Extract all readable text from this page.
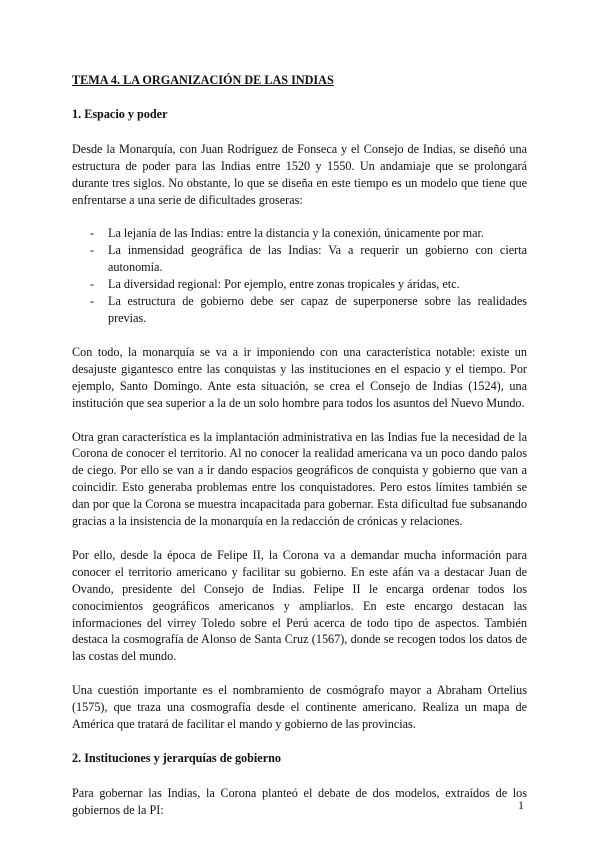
TEMA 4. LA ORGANIZACIÓN DE LAS INDIAS
1. Espacio y poder

Desde la Monarquía, con Juan Rodríguez de Fonseca y el Consejo de Indias, se diseñó una estructura de poder para las Indias entre 1520 y 1550. Un andamiaje que se prolongará durante tres siglos. No obstante, lo que se diseña en este tiempo es un modelo que tiene que enfrentarse a una serie de dificultades groseras:

- La lejanía de las Indias: entre la distancia y la conexión, únicamente por mar.
- La inmensidad geográfica de las Indias: Va a requerir un gobierno con cierta autonomía.
- La diversidad regional: Por ejemplo, entre zonas tropicales y áridas, etc.
- La estructura de gobierno debe ser capaz de superponerse sobre las realidades previas.

Con todo, la monarquía se va a ir imponiendo con una característica notable: existe un desajuste gigantesco entre las conquistas y las instituciones en el espacio y el tiempo. Por ejemplo, Santo Domingo. Ante esta situación, se crea el Consejo de Indias (1524), una institución que sea superior a la de un solo hombre para todos los asuntos del Nuevo Mundo.

Otra gran característica es la implantación administrativa en las Indias fue la necesidad de la Corona de conocer el territorio. Al no conocer la realidad americana va un poco dando palos de ciego. Por ello se van a ir dando espacios geográficos de conquista y gobierno que van a coincidir. Esto generaba problemas entre los conquistadores. Pero estos límites también se dan por que la Corona se muestra incapacitada para gobernar. Esta dificultad fue subsanando gracias a la insistencia de la monarquía en la redacción de crónicas y relaciones.

Por ello, desde la época de Felipe II, la Corona va a demandar mucha información para conocer el territorio americano y facilitar su gobierno. En este afán va a destacar Juan de Ovando, presidente del Consejo de Indias. Felipe II le encarga ordenar todos los conocimientos geográficos americanos y ampliarlos. En este encargo destacan las informaciones del virrey Toledo sobre el Perú acerca de todo tipo de aspectos. También destaca la cosmografía de Alonso de Santa Cruz (1567), donde se recogen todos los datos de las costas del mundo.

Una cuestión importante es el nombramiento de cosmógrafo mayor a Abraham Ortelius (1575), que traza una cosmografía desde el continente americano. Realiza un mapa de América que tratará de facilitar el mando y gobierno de las provincias.

2. Instituciones y jerarquías de gobierno

Para gobernar las Indias, la Corona planteó el debate de dos modelos, extraídos de los gobiernos de la PI:	1
